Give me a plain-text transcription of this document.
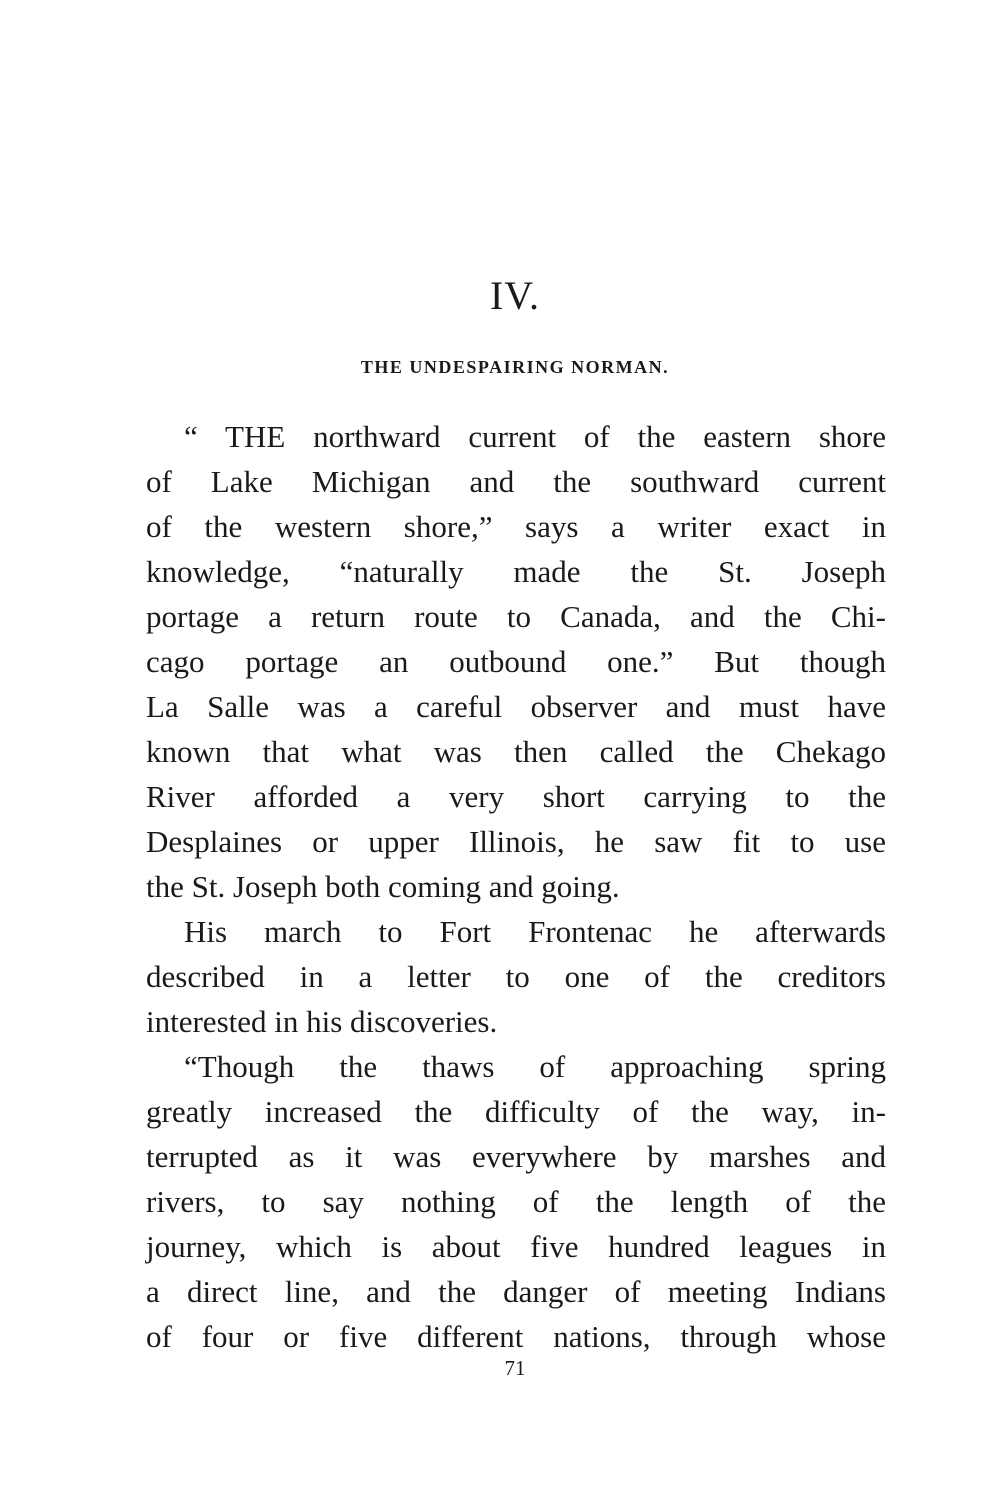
IV.
THE UNDESPAIRING NORMAN.
“ THE northward current of the eastern shore
of Lake Michigan and the southward current
of the western shore,” says a writer exact in
knowledge, “naturally made the St. Joseph
portage a return route to Canada, and the Chi-
cago portage an outbound one.” But though
La Salle was a careful observer and must have
known that what was then called the Chekago
River afforded a very short carrying to the
Desplaines or upper Illinois, he saw fit to use
the St. Joseph both coming and going.
His march to Fort Frontenac he afterwards
described in a letter to one of the creditors
interested in his discoveries.
“Though the thaws of approaching spring
greatly increased the difficulty of the way, in-
terrupted as it was everywhere by marshes and
rivers, to say nothing of the length of the
journey, which is about five hundred leagues in
a direct line, and the danger of meeting Indians
of four or five different nations, through whose
71
